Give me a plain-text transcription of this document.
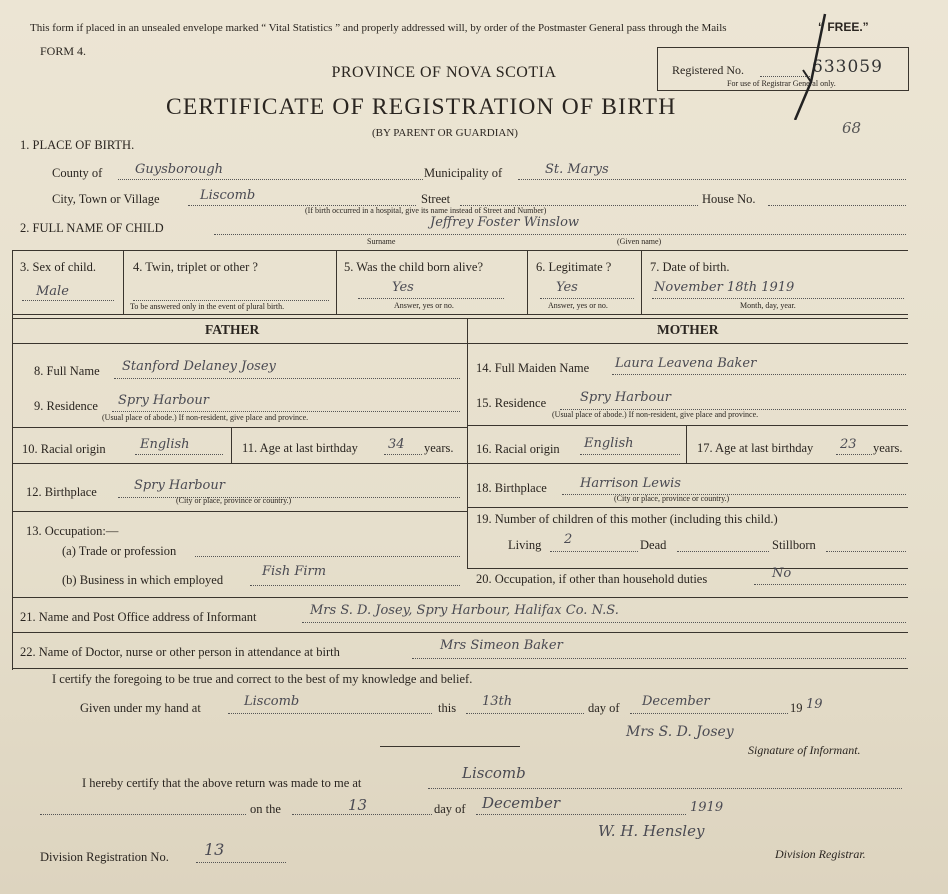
This form if placed in an unsealed envelope marked “ Vital Statistics ” and properly addressed will, by order of the Postmaster General pass through the Mails	“ FREE.”
FORM 4.
PROVINCE OF NOVA SCOTIA
CERTIFICATE OF REGISTRATION OF BIRTH
(BY PARENT OR GUARDIAN)
Registered No.	633059
For use of Registrar General only.
68
1. PLACE OF BIRTH.
County of	Guysborough	Municipality of	St. Marys
City, Town or Village	Liscomb	Street
(If birth occurred in a hospital, give its name instead of Street and Number)
House No.
2. FULL NAME OF CHILD	Jeffrey Foster Winslow
Surname	(Given name)
3. Sex of child.
Male
4. Twin, triplet or other ?
To be answered only in the event of plural birth.
5. Was the child born alive?
Yes
Answer, yes or no.
6. Legitimate ?
Yes
Answer, yes or no.
7. Date of birth.
November 18th 1919
Month, day, year.
FATHER	MOTHER
8. Full Name Stanford Delaney Josey
9. Residence Spry Harbour
(Usual place of abode.) If non-resident, give place and province.
10. Racial origin	English	11. Age at last birthday 34 years.
12. Birthplace	Spry Harbour
(City or place, province or country.)
13. Occupation:—
(a) Trade or profession
(b) Business in which employed
Fish Firm
14. Full Maiden Name Laura Leavena Baker
15. Residence	Spry Harbour
(Usual place of abode.) If non-resident, give place and province.
16. Racial origin English	17. Age at last birthday 23 years.
18. Birthplace	Harrison Lewis
(City or place, province or country.)
19. Number of children of this mother (including this child.)
Living 2	Dead	Stillborn
20. Occupation, if other than household duties	No
21. Name and Post Office address of Informant	Mrs S. D. Josey, Spry Harbour, Halifax Co. N.S.
22. Name of Doctor, nurse or other person in attendance at birth	Mrs Simeon Baker
I certify the foregoing to be true and correct to the best of my knowledge and belief.
Given under my hand at	Liscomb	this 13th	day of December	19 19
Mrs S. D. Josey
Signature of Informant.
I hereby certify that the above return was made to me at
Liscomb
on the	13	day of December	1919
W. H. Hensley
Division Registration No. 13	Division Registrar.
